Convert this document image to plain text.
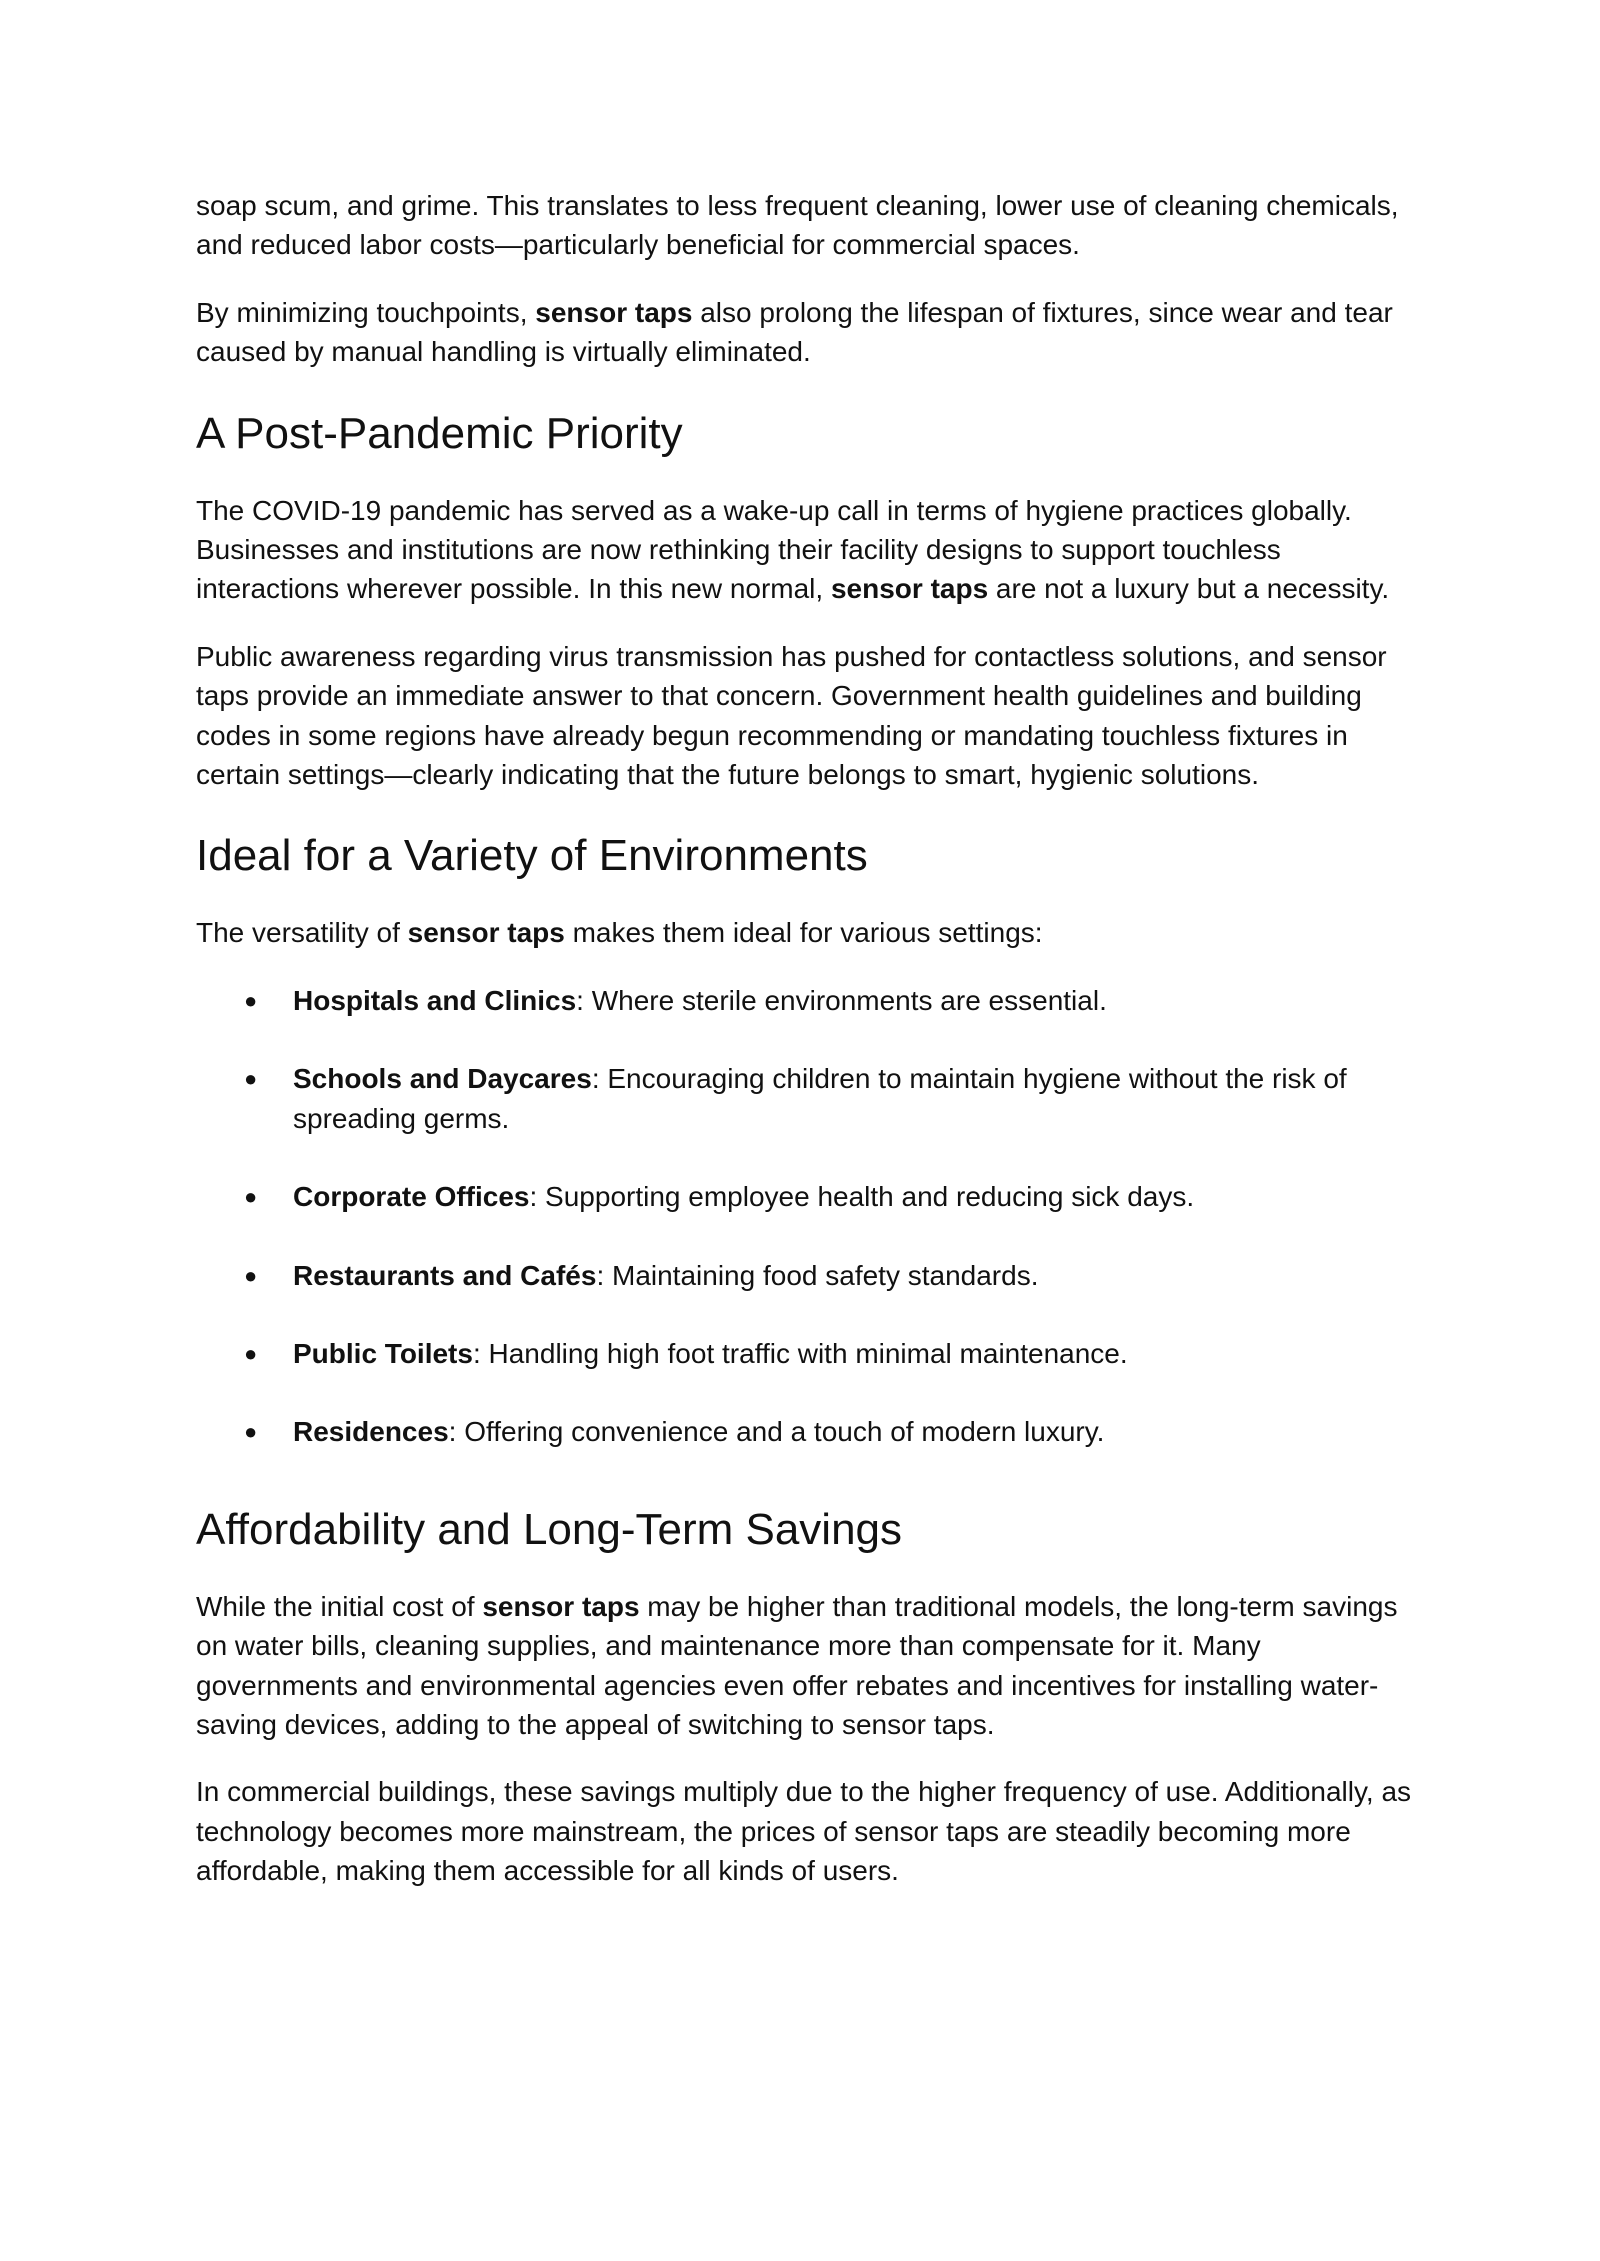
soap scum, and grime. This translates to less frequent cleaning, lower use of cleaning chemicals, and reduced labor costs—particularly beneficial for commercial spaces.

By minimizing touchpoints, sensor taps also prolong the lifespan of fixtures, since wear and tear caused by manual handling is virtually eliminated.

A Post-Pandemic Priority

The COVID-19 pandemic has served as a wake-up call in terms of hygiene practices globally. Businesses and institutions are now rethinking their facility designs to support touchless interactions wherever possible. In this new normal, sensor taps are not a luxury but a necessity.

Public awareness regarding virus transmission has pushed for contactless solutions, and sensor taps provide an immediate answer to that concern. Government health guidelines and building codes in some regions have already begun recommending or mandating touchless fixtures in certain settings—clearly indicating that the future belongs to smart, hygienic solutions.

Ideal for a Variety of Environments

The versatility of sensor taps makes them ideal for various settings:

● Hospitals and Clinics: Where sterile environments are essential.
● Schools and Daycares: Encouraging children to maintain hygiene without the risk of spreading germs.
● Corporate Offices: Supporting employee health and reducing sick days.
● Restaurants and Cafés: Maintaining food safety standards.
● Public Toilets: Handling high foot traffic with minimal maintenance.
● Residences: Offering convenience and a touch of modern luxury.
Affordability and Long-Term Savings

While the initial cost of sensor taps may be higher than traditional models, the long-term savings on water bills, cleaning supplies, and maintenance more than compensate for it. Many governments and environmental agencies even offer rebates and incentives for installing water-saving devices, adding to the appeal of switching to sensor taps.

In commercial buildings, these savings multiply due to the higher frequency of use. Additionally, as technology becomes more mainstream, the prices of sensor taps are steadily becoming more affordable, making them accessible for all kinds of users.
